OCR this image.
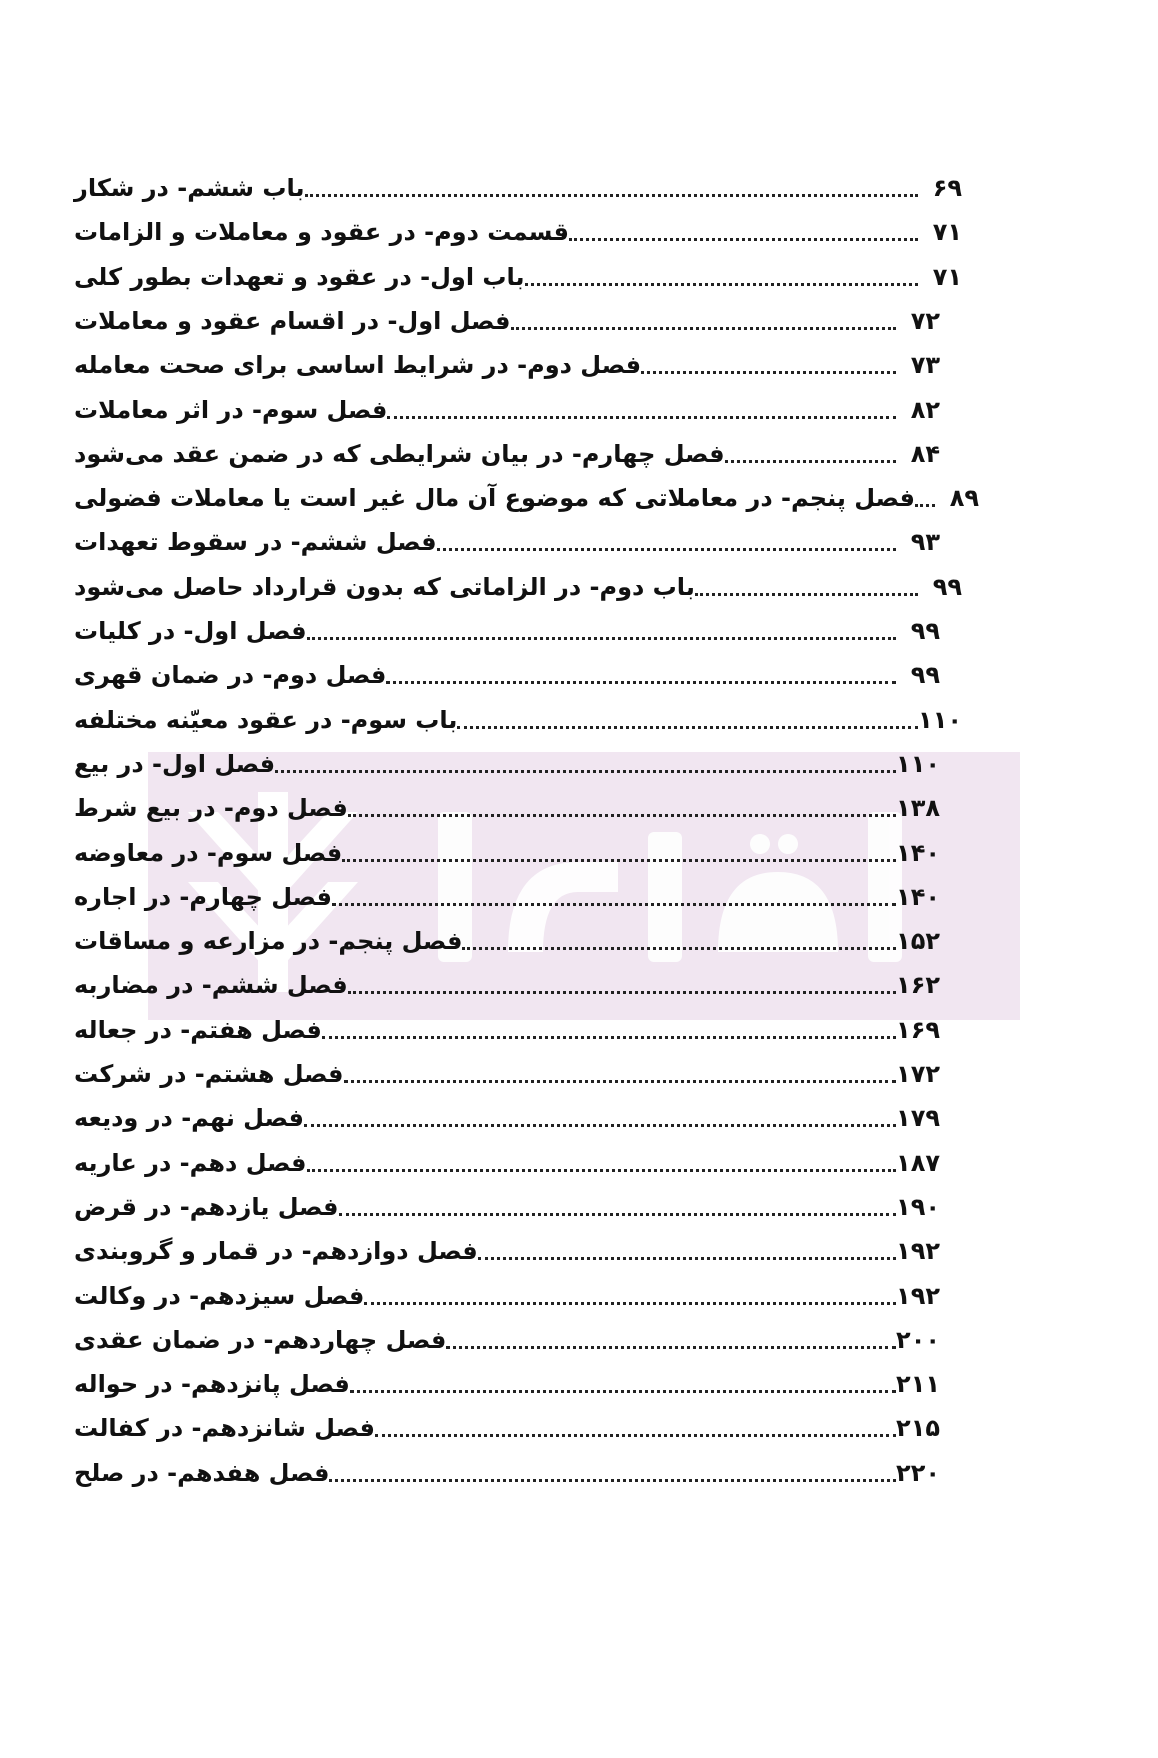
باب ششم- در شکار	۶۹
قسمت دوم- در عقود و معاملات و الزامات	۷۱
باب اول- در عقود و تعهدات بطور کلی	۷۱
فصل اول- در اقسام عقود و معاملات	۷۲
فصل دوم- در شرایط اساسی برای صحت معامله	۷۳
فصل سوم- در اثر معاملات	۸۲
فصل چهارم- در بیان شرایطی که در ضمن عقد می‌شود	۸۴
فصل پنجم- در معاملاتی که موضوع آن مال غیر است یا معاملات فضولی	۸۹
فصل ششم- در سقوط تعهدات	۹۳
باب دوم- در الزاماتی که بدون قرارداد حاصل می‌شود	۹۹
فصل اول- در کلیات	۹۹
فصل دوم- در ضمان قهری	۹۹
باب سوم- در عقود معیّنه مختلفه	۱۱۰
فصل اول- در بیع	۱۱۰
فصل دوم- در بیع شرط	۱۳۸
فصل سوم- در معاوضه	۱۴۰
فصل چهارم- در اجاره	۱۴۰
فصل پنجم- در مزارعه و مساقات	۱۵۲
فصل ششم- در مضاربه	۱۶۲
فصل هفتم- در جعاله	۱۶۹
فصل هشتم- در شرکت	۱۷۲
فصل نهم- در ودیعه	۱۷۹
فصل دهم- در عاریه	۱۸۷
فصل یازدهم- در قرض	۱۹۰
فصل دوازدهم- در قمار و گروبندی	۱۹۲
فصل سیزدهم- در وکالت	۱۹۲
فصل چهاردهم- در ضمان عقدی	۲۰۰
فصل پانزدهم- در حواله	۲۱۱
فصل شانزدهم- در کفالت	۲۱۵
فصل هفدهم- در صلح	۲۲۰
